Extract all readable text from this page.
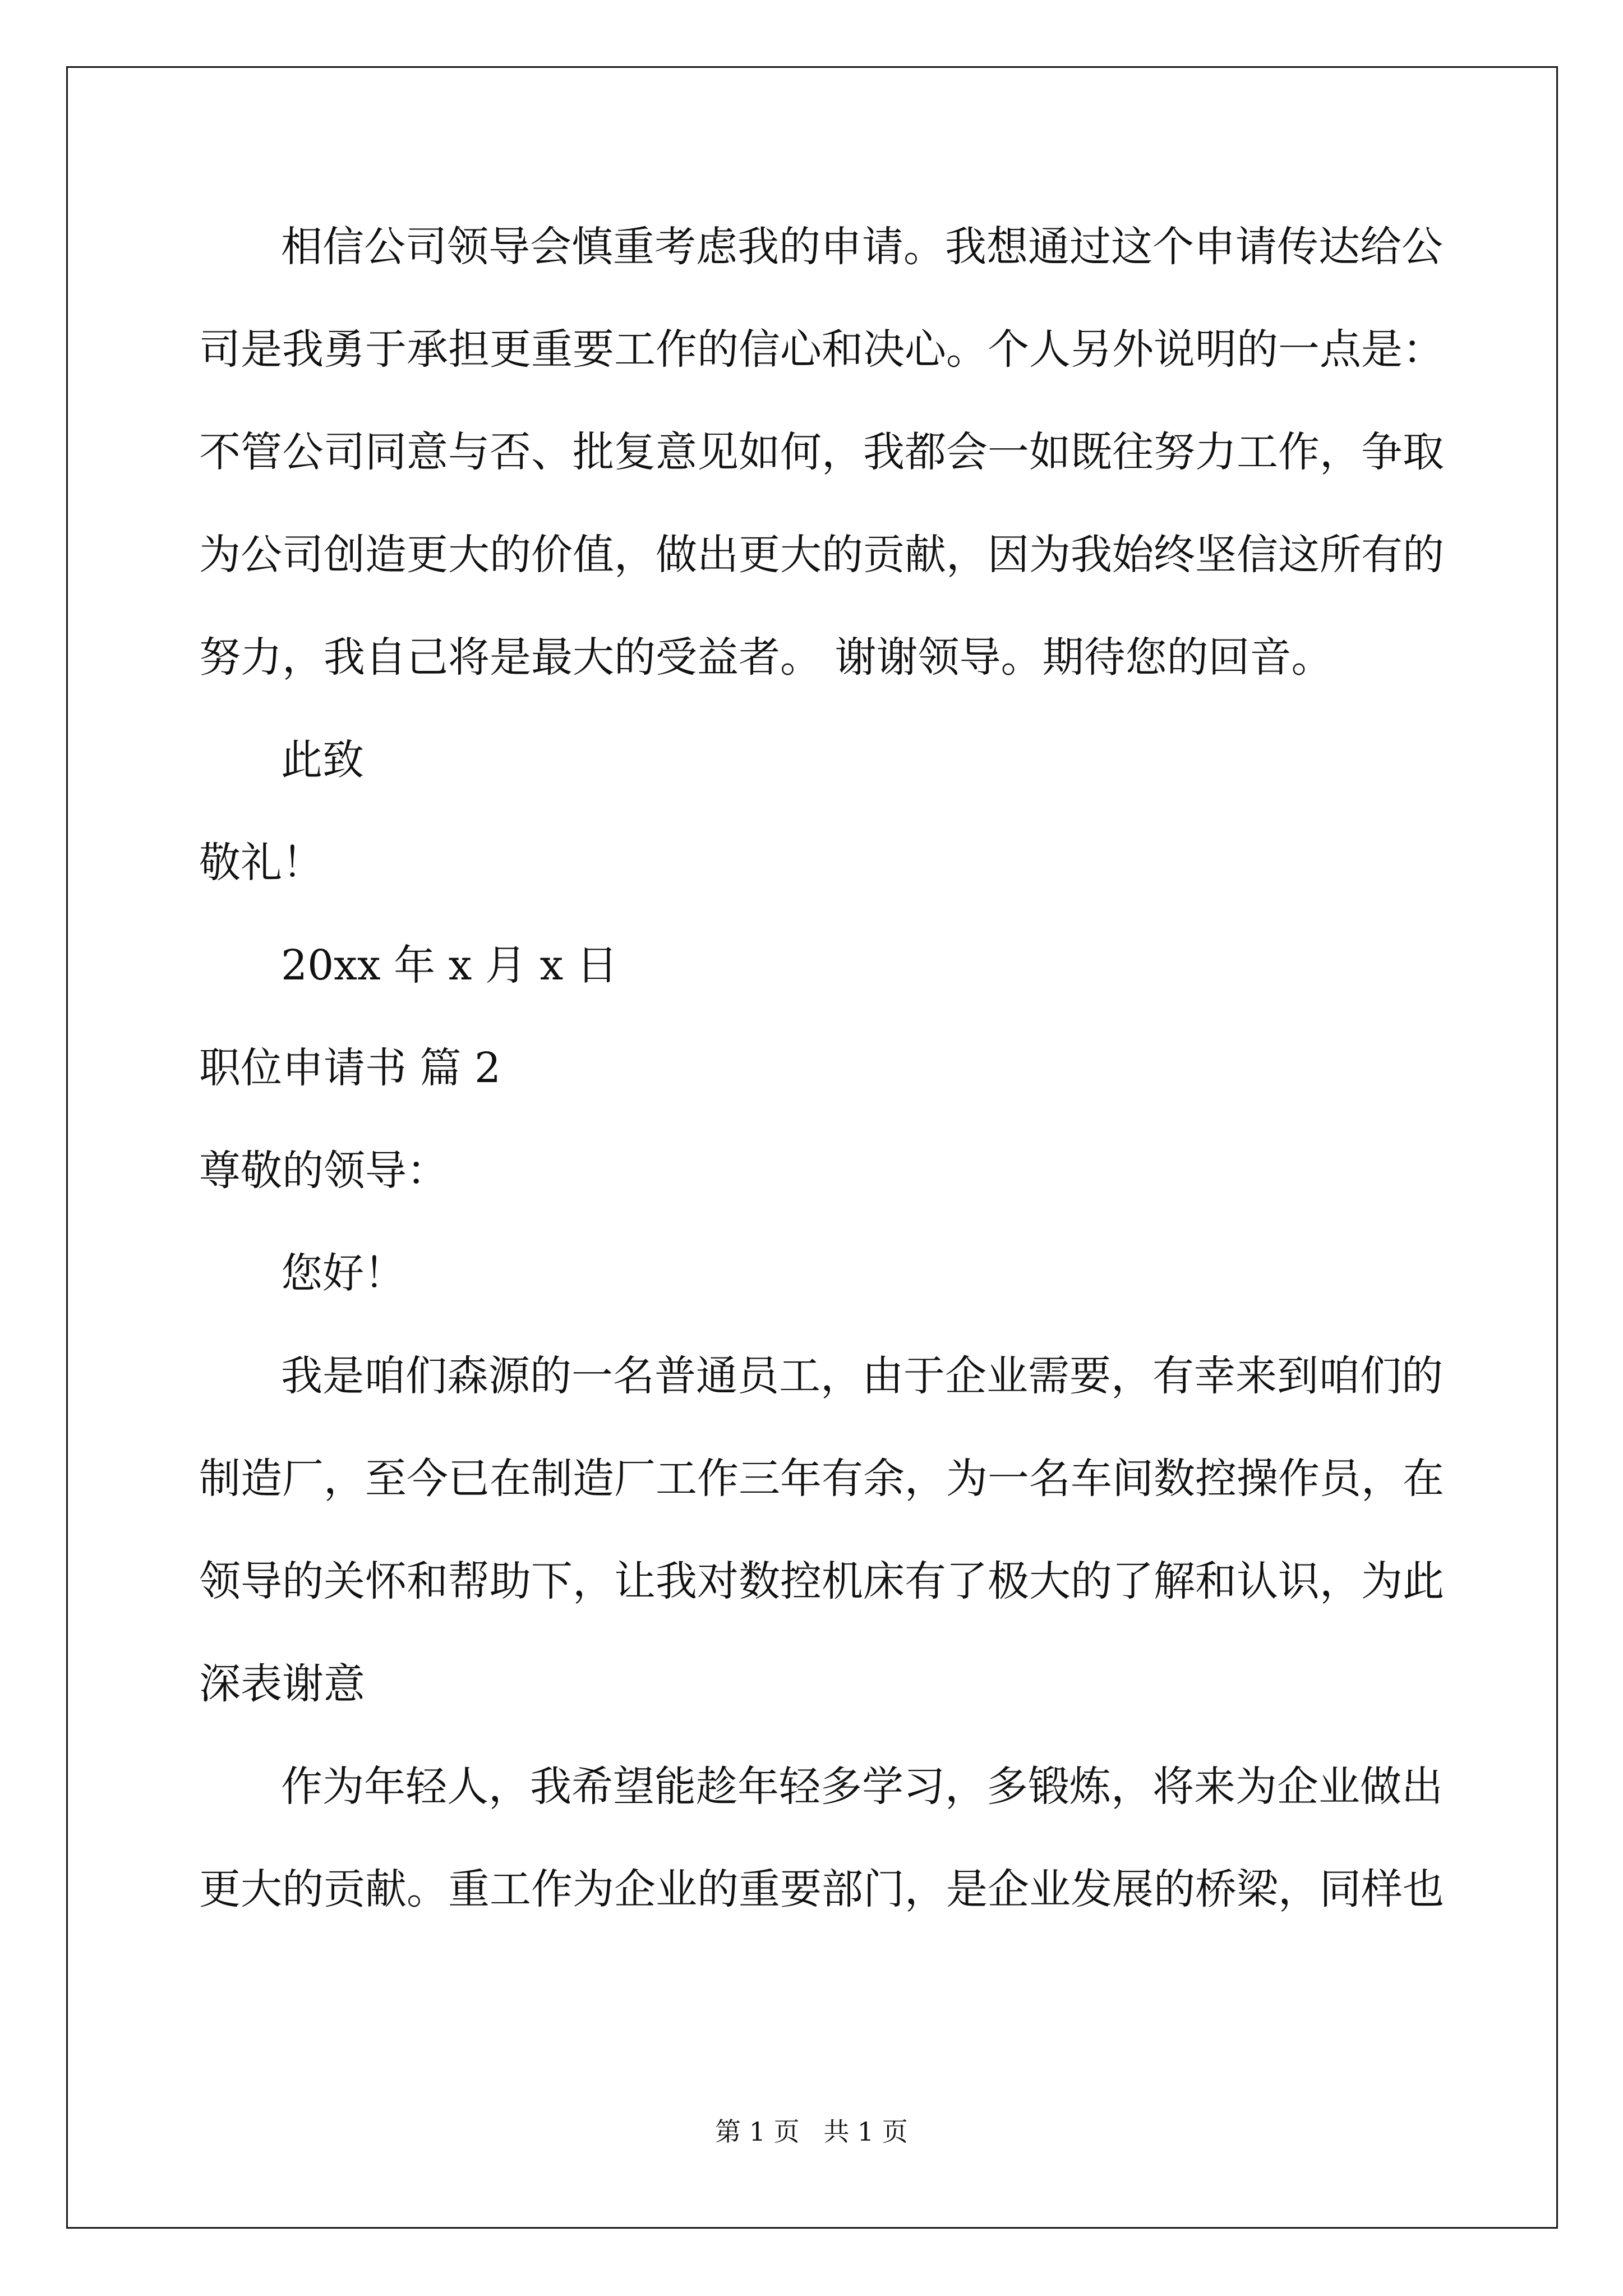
相信公司领导会慎重考虑我的申请。我想通过这个申请传达给公
司是我勇于承担更重要工作的信心和决心。个人另外说明的一点是：
不管公司同意与否、批复意见如何，我都会一如既往努力工作，争取
为公司创造更大的价值，做出更大的贡献，因为我始终坚信这所有的
努力，我自己将是最大的受益者。 谢谢领导。期待您的回音。
此致
敬礼！
20xx 年 x 月 x 日
职位申请书 篇 2
尊敬的领导：
您好！
我是咱们森源的一名普通员工，由于企业需要，有幸来到咱们的
制造厂，至今已在制造厂工作三年有余，为一名车间数控操作员，在
领导的关怀和帮助下，让我对数控机床有了极大的了解和认识，为此
深表谢意
作为年轻人，我希望能趁年轻多学习，多锻炼，将来为企业做出
更大的贡献。重工作为企业的重要部门，是企业发展的桥梁，同样也
第 1 页 共 1 页
